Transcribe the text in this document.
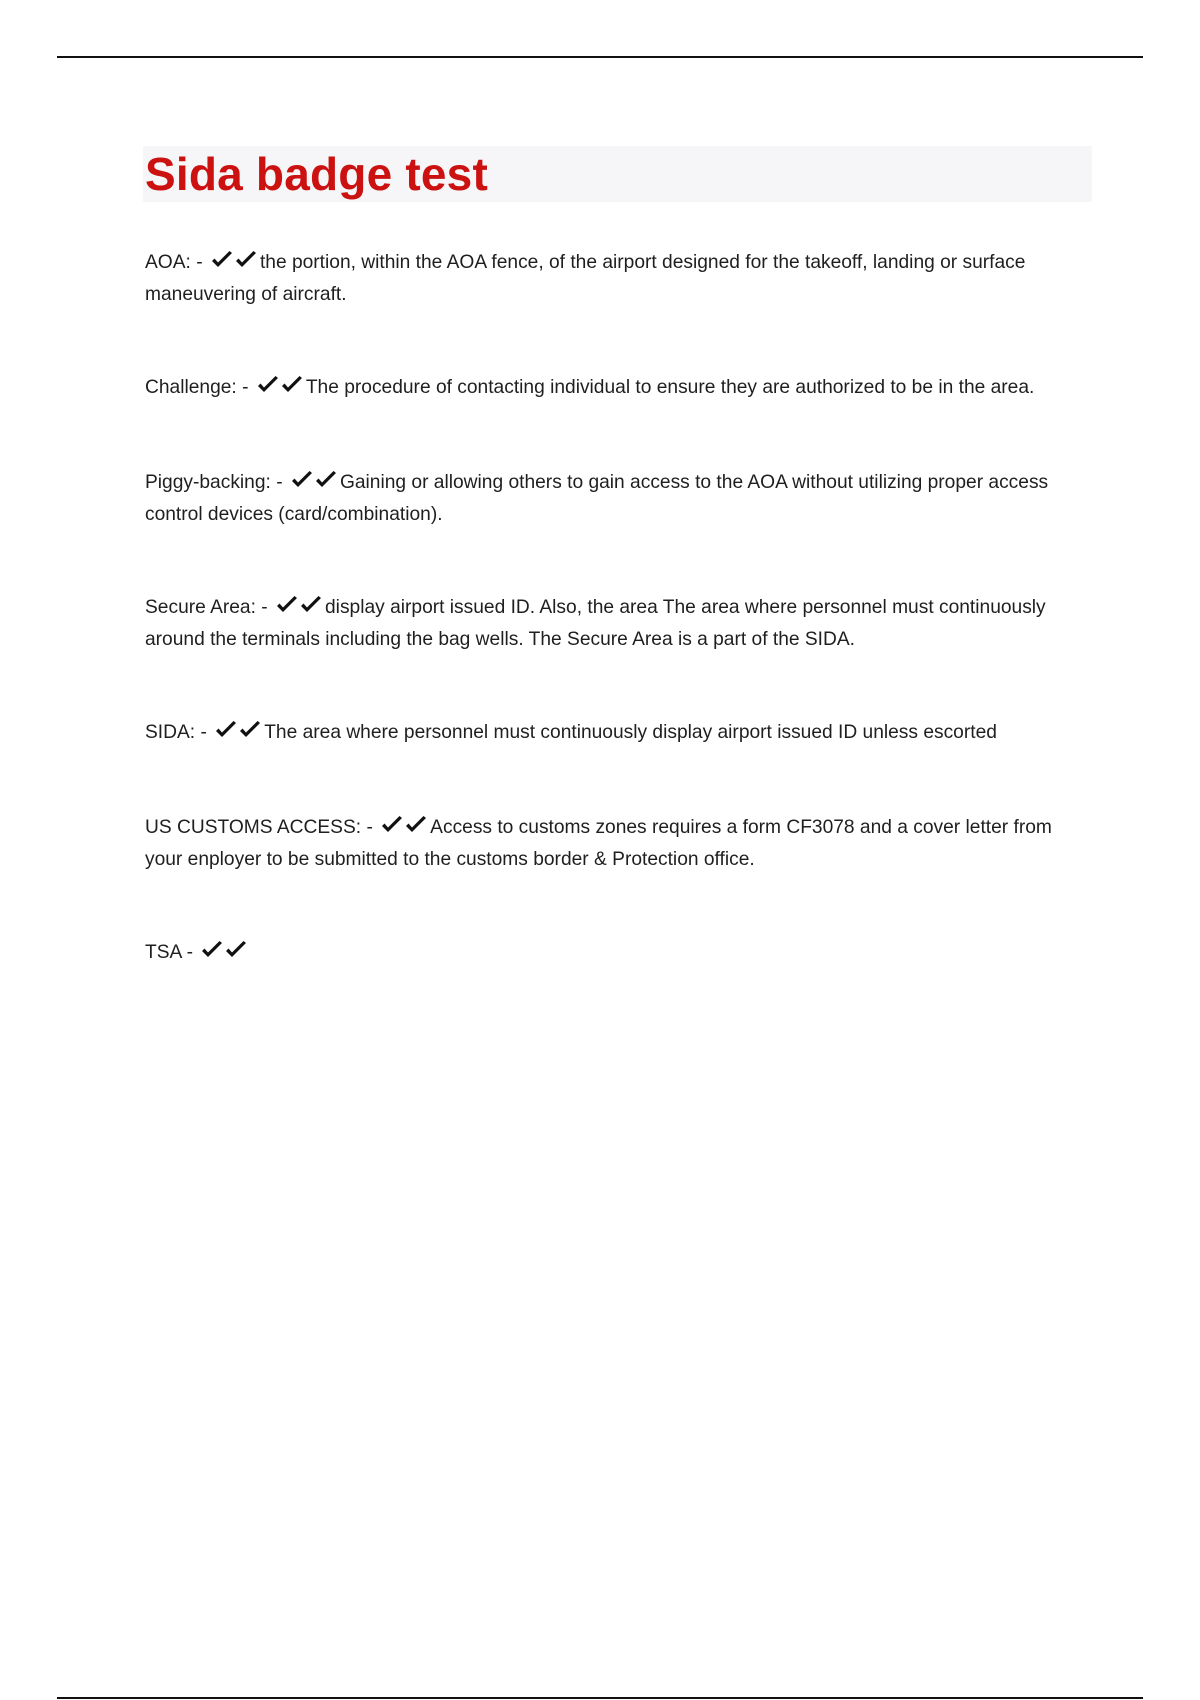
Sida badge test

AOA: -	the portion, within the AOA fence, of the airport designed for the takeoff, landing or surface maneuvering of aircraft.

Challenge: -	The procedure of contacting individual to ensure they are authorized to be in the area.

Piggy-backing: -	Gaining or allowing others to gain access to the AOA without utilizing proper access control devices (card/combination).

Secure Area: -	display airport issued ID. Also, the area The area where personnel must continuously around the terminals including the bag wells. The Secure Area is a part of the SIDA.

SIDA: -	The area where personnel must continuously display airport issued ID unless escorted

US CUSTOMS ACCESS: -	Access to customs zones requires a form CF3078 and a cover letter from your enployer to be submitted to the customs border & Protection office.

TSA -
